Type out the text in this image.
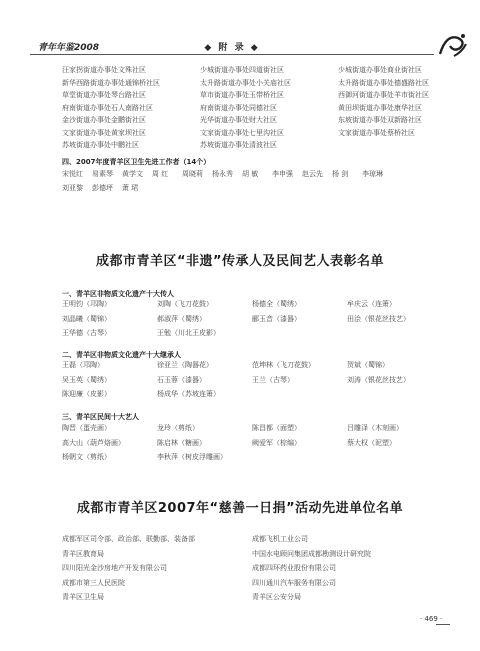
青年年鉴2008	◆ 附 录 ◆
汪家拐街道办事处文殊社区	少城街道办事处四道街社区	少城街道办事处商业街社区
新华西路街道办事处通锦桥社区	太升路街道办事处小关庙社区	太升路街道办事处德盛路社区
草堂街道办事处琴台路社区	草市街道办事处玉带桥社区	西御河街道办事处羊市街社区
府南街道办事处石人南路社区	府南街道办事处同德社区	黄田坝街道办事处康华社区
金沙街道办事处金鹏街社区	光华街道办事处财大社区	东坡街道办事处双新路社区
文家街道办事处黄家坝社区	文家街道办事处七里沟社区	文家街道办事处蔡桥社区
苏坡街道办事处中鹏社区	苏坡街道办事处清波社区
四、2007年度青羊区卫生先进工作者（14个）
宋悦红	易素琴	黄学文	周 红	周晓莉	杨永秀	胡 敏	李申强	赵云先	杨 剑	李琼琳
刘亚黎	彭德坪	萧 珺
成都市青羊区“非遗”传承人及民间艺人表彰名单
一、青羊区非物质文化遗产十大传人
王明钧（邛陶）	刘陶（飞刀花鼓）	杨德全（蜀绣）	牟庆云（连箫）
刘晶曦（蜀锦）	郝淑萍（蜀绣）	郦玉音（漆器）	田浍（银花丝技艺）
王华德（古琴）	王勉（川北王皮影）
二、青羊区非物质文化遗产十大继承人
王磊（邛陶）	徐亚兰（陶器花）	范坤林（飞刀花鼓）	贺斌（蜀锦）
吴玉英（蜀绣）	石玉蓉（漆器）	王兰（古琴）	刘涛（银花丝技艺）
陈迎廉（皮影）	杨成华（苏坡连箫）
三、青羊区民间十大艺人
陶晋（蛋壳画）	龙玲（剪纸）	陈昌都（面塑）	吕雕泽（木刻画）
高大山（葫芦烙画）	陈启林（糖画）	阙爱军（棕编）	蔡大权（泥塑）
杨朝文（剪纸）	李秋萍（树皮浮雕画）
成都市青羊区2007年“慈善一日捐”活动先进单位名单
成都军区司令部、政治部、联勤部、装备部	成都飞机工业公司
青羊区教育局	中国水电顾问集团成都勘测设计研究院
四川阳光金沙房地产开发有限公司	成都四环药业股份有限公司
成都市第三人民医院	四川通川汽车服务有限公司
青羊区卫生局	青羊区公安分局
· 469 ·
